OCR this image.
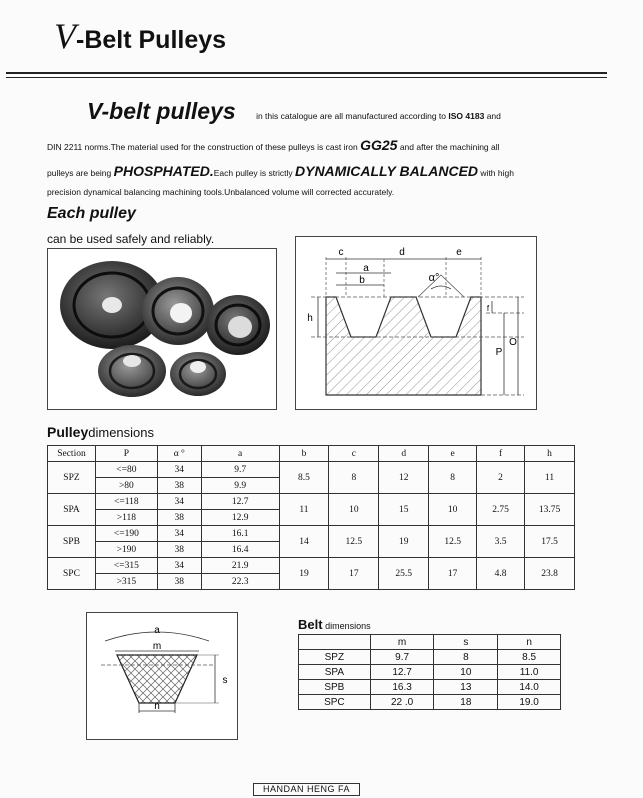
V-Belt Pulleys
V-belt pulleys in this catalogue are all manufactured according to ISO 4183 and
DIN 2211 norms.The material used for the construction of these pulleys is cast iron GG25 and after the machining all
pulleys are being PHOSPHATED.Each pulley is strictly DYNAMICALLY BALANCED with high
precision dynamical balancing machining tools.Unbalanced volume will corrected accurately.
Each pulley
can be used safely and reliably.
c	d	e
a
b	α°
f
h
P
O
Pulleydimensions
Section	P	α °	a	b	c	d	e	f	h
SPZ	<=80	34	9.7	8.5	8	12	8	2	11
	>80	38	9.9						
SPA	<=118	34	12.7	11	10	15	10	2.75	13.75
	>118	38	12.9						
SPB	<=190	34	16.1	14	12.5	19	12.5	3.5	17.5
	>190	38	16.4						
SPC	<=315	34	21.9	19	17	25.5	17	4.8	23.8
	>315	38	22.3						
a
m
s
n
Belt dimensions
	m	s	n
SPZ	9.7	8	8.5
SPA	12.7	10	11.0
SPB	16.3	13	14.0
SPC	22 .0	18	19.0
HANDAN HENG FA
